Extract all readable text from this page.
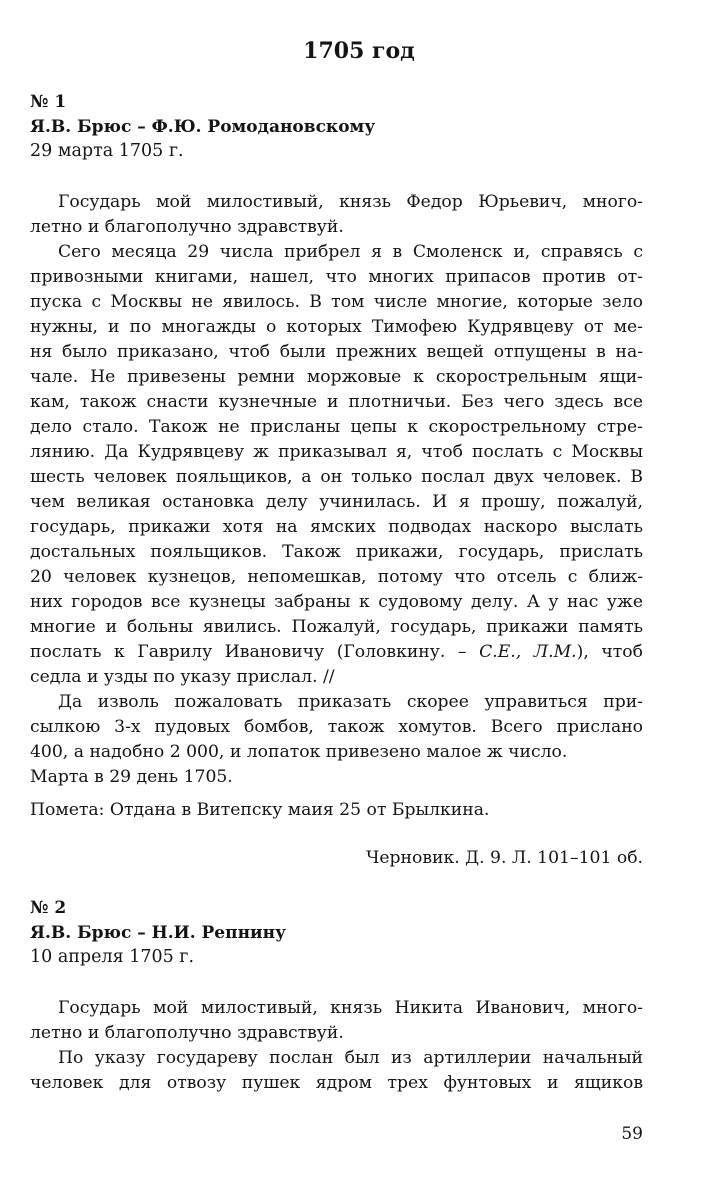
1705 год
№ 1
Я.В. Брюс – Ф.Ю. Ромодановскому
29 марта 1705 г.
Государь мой милостивый, князь Федор Юрьевич, много-
летно и благополучно здравствуй.
Сего месяца 29 числа прибрел я в Смоленск и, справясь с
привозными книгами, нашел, что многих припасов против от-
пуска с Москвы не явилось. В том числе многие, которые зело
нужны, и по многажды о которых Тимофею Кудрявцеву от ме-
ня было приказано, чтоб были прежних вещей отпущены в на-
чале. Не привезены ремни моржовые к скорострельным ящи-
кам, також снасти кузнечные и плотничьи. Без чего здесь все
дело стало. Також не присланы цепы к скорострельному стре-
лянию. Да Кудрявцеву ж приказывал я, чтоб послать с Москвы
шесть человек пояльщиков, а он только послал двух человек. В
чем великая остановка делу учинилась. И я прошу, пожалуй,
государь, прикажи хотя на ямских подводах наскоро выслать
достальных пояльщиков. Також прикажи, государь, прислать
20 человек кузнецов, непомешкав, потому что отсель с ближ-
них городов все кузнецы забраны к судовому делу. А у нас уже
многие и больны явились. Пожалуй, государь, прикажи память
послать к Гаврилу Ивановичу (Головкину. – С.Е., Л.М.), чтоб
седла и узды по указу прислал. //
Да изволь пожаловать приказать скорее управиться при-
сылкою 3-х пудовых бомбов, також хомутов. Всего прислано
400, а надобно 2 000, и лопаток привезено малое ж число.
Марта в 29 день 1705.
Помета: Отдана в Витепску маия 25 от Брылкина.
Черновик. Д. 9. Л. 101–101 об.
№ 2
Я.В. Брюс – Н.И. Репнину
10 апреля 1705 г.
Государь мой милостивый, князь Никита Иванович, много-
летно и благополучно здравствуй.
По указу государеву послан был из артиллерии начальный
человек для отвозу пушек ядром трех фунтовых и ящиков
59
